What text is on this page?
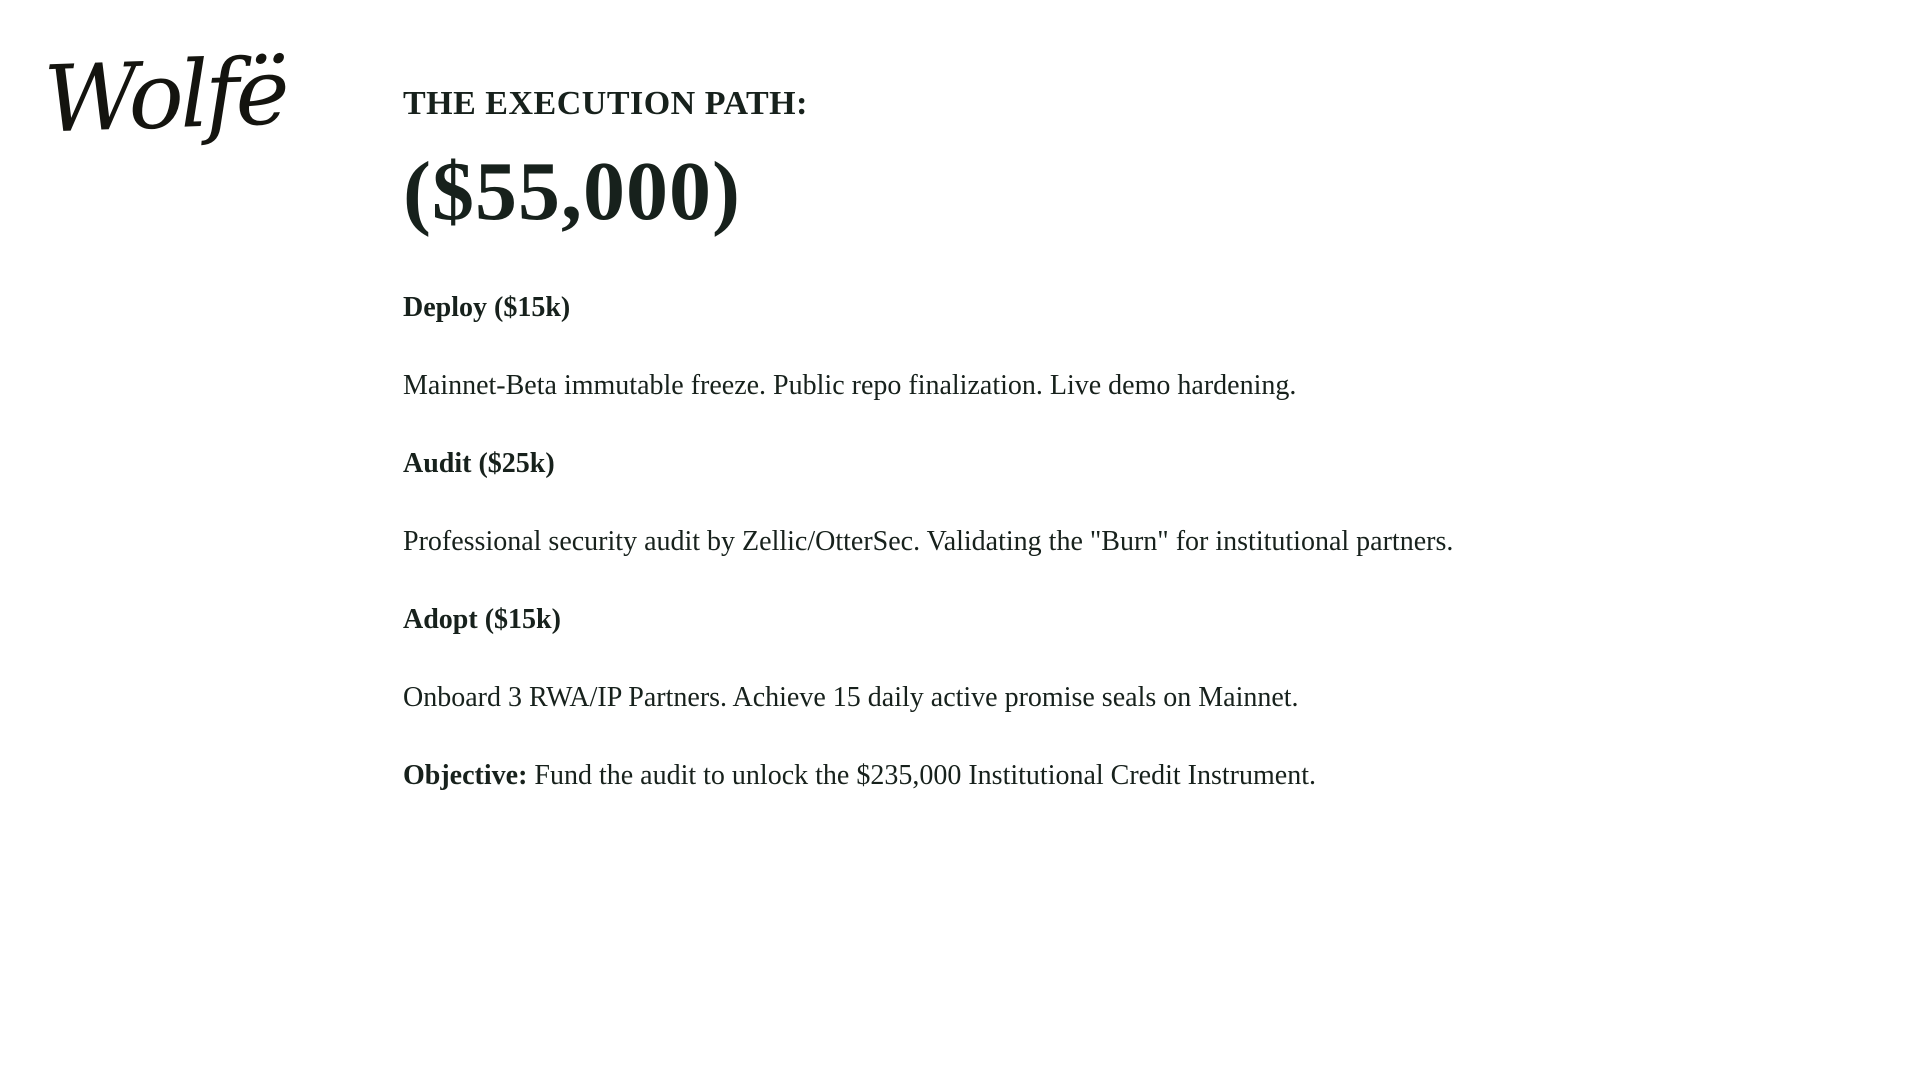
Wolfë	THE EXECUTION PATH:
($55,000)
Deploy ($15k)
Mainnet-Beta immutable freeze. Public repo finalization. Live demo hardening.
Audit ($25k)
Professional security audit by Zellic/OtterSec. Validating the "Burn" for institutional partners.
Adopt ($15k)
Onboard 3 RWA/IP Partners. Achieve 15 daily active promise seals on Mainnet.
Objective: Fund the audit to unlock the $235,000 Institutional Credit Instrument.
